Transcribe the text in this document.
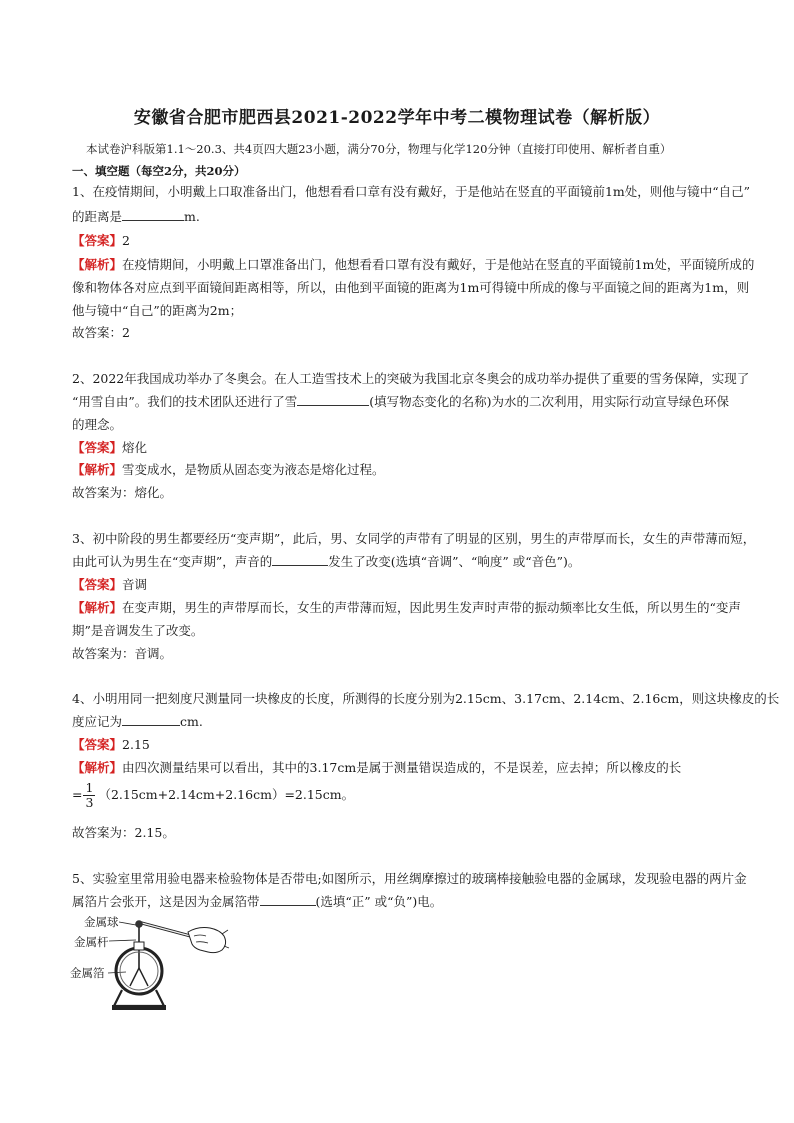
安徽省合肥市肥西县2021-2022学年中考二模物理试卷（解析版）
本试卷沪科版第1.1～20.3、共4页四大题23小题，满分70分，物理与化学120分钟（直接打印使用、解析者自重）
一、填空题（每空2分，共20分）
1、在疫情期间，小明戴上口取准备出门，他想看看口章有没有戴好，于是他站在竖直的平面镜前1m处，则他与镜中“自己”
的距离是	m.
【答案】2
【解析】在疫情期间，小明戴上口罩准备出门，他想看看口罩有没有戴好，于是他站在竖直的平面镜前1m处，平面镜所成的
像和物体各对应点到平面镜间距离相等，所以，由他到平面镜的距离为1m可得镜中所成的像与平面镜之间的距离为1m，则
他与镜中“自己”的距离为2m；
故答案：2
2、2022年我国成功举办了冬奥会。在人工造雪技术上的突破为我国北京冬奥会的成功举办提供了重要的雪务保障，实现了
“用雪自由”。我们的技术团队还进行了雪	(填写物态变化的名称)为水的二次利用，用实际行动宣导绿色环保
的理念。
【答案】熔化
【解析】雪变成水，是物质从固态变为液态是熔化过程。
故答案为：熔化。
3、初中阶段的男生都要经历“变声期”，此后，男、女同学的声带有了明显的区别，男生的声带厚而长，女生的声带薄而短，
由此可认为男生在“变声期”，声音的	发生了改变(选填“音调”、“响度” 或“音色”)。
【答案】音调
【解析】在变声期，男生的声带厚而长，女生的声带薄而短，因此男生发声时声带的振动频率比女生低，所以男生的“变声
期”是音调发生了改变。
故答案为：音调。
4、小明用同一把刻度尺测量同一块橡皮的长度，所测得的长度分别为2.15cm、3.17cm、2.14cm、2.16cm，则这块橡皮的长
度应记为	cm.
【答案】2.15
【解析】由四次测量结果可以看出，其中的3.17cm是属于测量错误造成的，不是误差，应去掉；所以橡皮的长
= $\frac{1}{3} (2.15cm+2.14cm+2.16cm)=2.15cm$。
故答案为：2.15。
5、实验室里常用验电器来检验物体是否带电;如图所示，用丝绸摩擦过的玻璃棒接触验电器的金属球，发现验电器的两片金
属箔片会张开，这是因为金属箔带	(选填“正” 或“负”)电。
金属球
金属杆
金属箔
